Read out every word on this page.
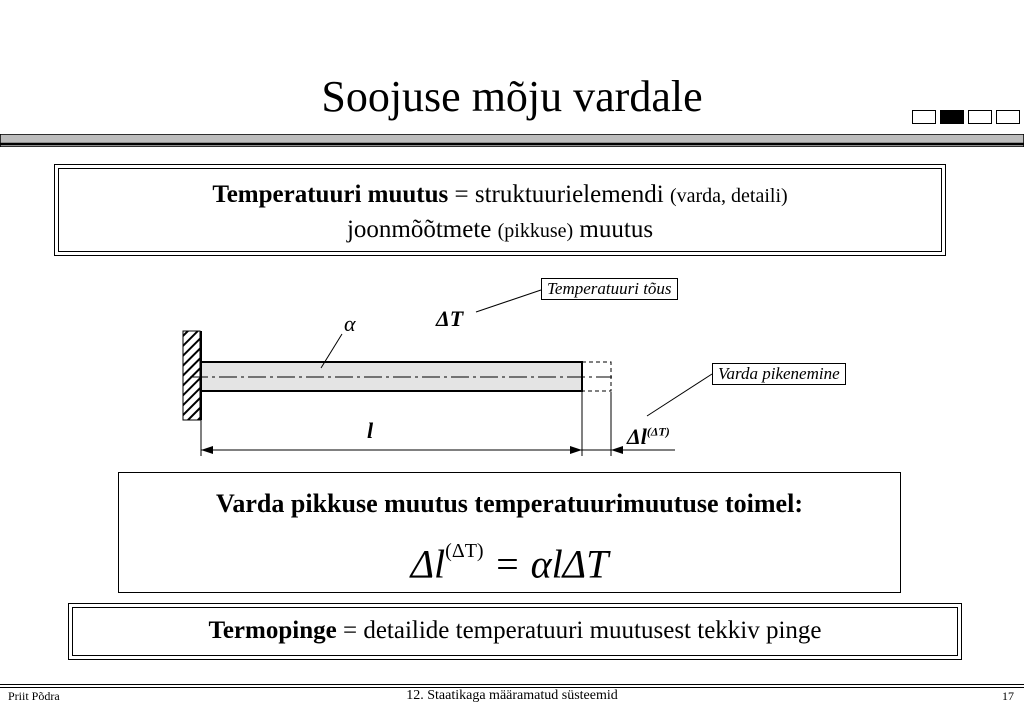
Soojuse mõju vardale
Temperatuuri muutus = struktuurielemendi (varda, detaili)
joonmõõtmete (pikkuse) muutus
α	ΔT
l	$\Delta l^{(\Delta T)}$
Temperatuuri tõus
Varda pikenemine
Varda pikkuse muutus temperatuurimuutuse toimel:
$\Delta l^{(\Delta T)} = \alpha l\Delta T$
Termopinge = detailide temperatuuri muutusest tekkiv pinge
Priit Põdra	12. Staatikaga määramatud süsteemid	17
